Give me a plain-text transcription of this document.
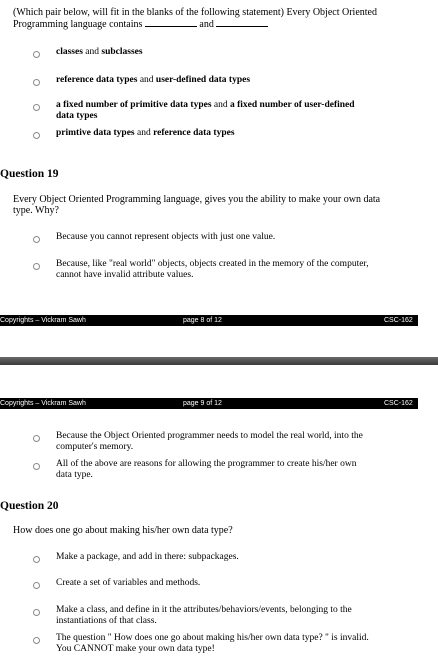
(Which pair below, will fit in the blanks of the following statement) Every Object Oriented
Programming language contains	and
classes and subclasses
reference data types and user-defined data types
a fixed number of primitive data types and a fixed number of user-defined
data types
primtive data types and reference data types
Question 19
Every Object Oriented Programming language, gives you the ability to make your own data
type. Why?
Because you cannot represent objects with just one value.
Because, like "real world" objects, objects created in the memory of the computer,
cannot have invalid attribute values.
Copyrights – Vickram Sawh	page 8 of 12	CSC-162
Copyrights – Vickram Sawh	page 9 of 12	CSC-162
Because the Object Oriented programmer needs to model the real world, into the
computer's memory.
All of the above are reasons for allowing the programmer to create his/her own
data type.
Question 20
How does one go about making his/her own data type?
Make a package, and add in there: subpackages.
Create a set of variables and methods.
Make a class, and define in it the attributes/behaviors/events, belonging to the
instantiations of that class.
The question " How does one go about making his/her own data type? " is invalid.
You CANNOT make your own data type!
